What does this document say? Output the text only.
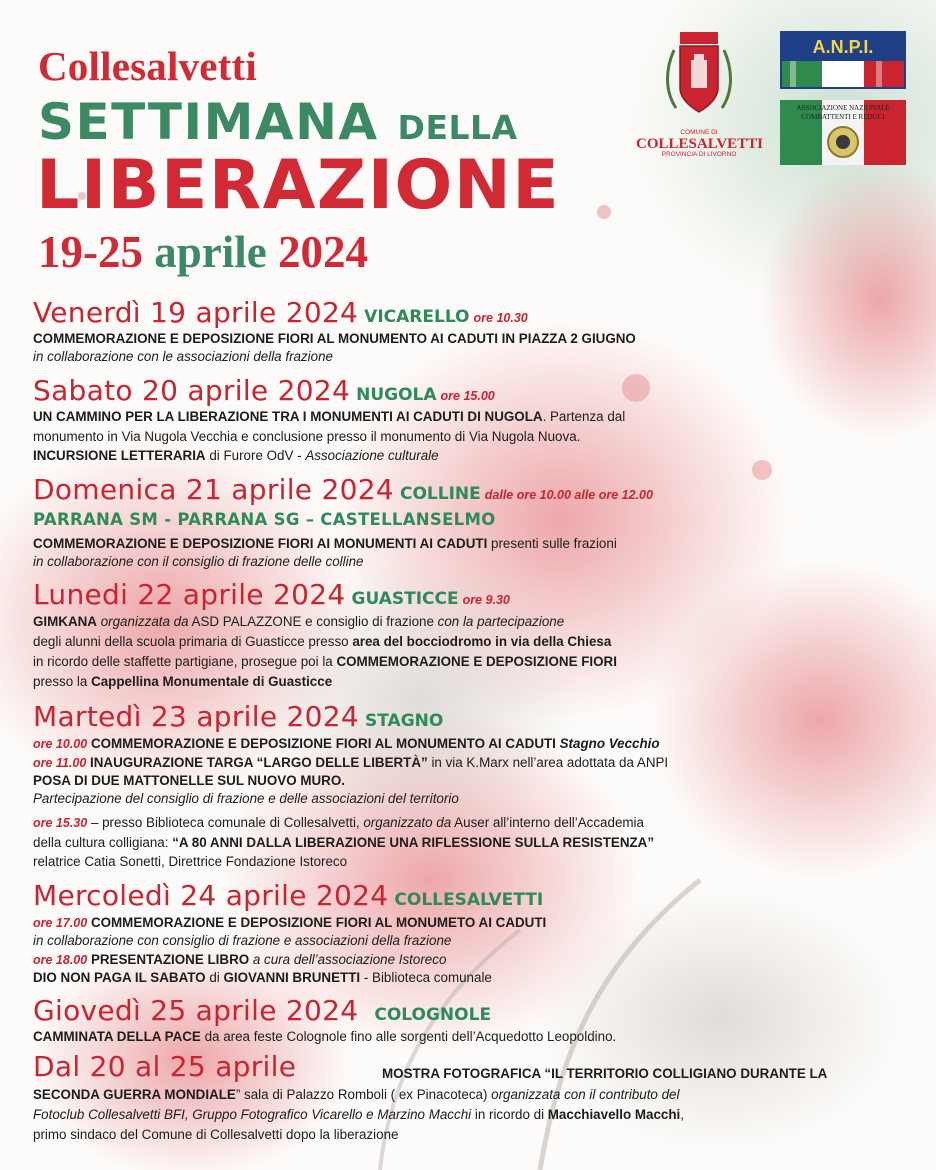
Collesalvetti
SETTIMANA DELLA
LIBERAZIONE
19-25 aprile 2024
COMUNE DI
COLLESALVETTI
PROVINCIA DI LIVORNO
A.N.P.I.
ASSOCIAZIONE NAZIONALE
COMBATTENTI E REDUCI
Venerdì 19 aprile 2024 VICARELLO ore 10.30
COMMEMORAZIONE E DEPOSIZIONE FIORI AL MONUMENTO AI CADUTI IN PIAZZA 2 GIUGNO
in collaborazione con le associazioni della frazione
Sabato 20 aprile 2024 NUGOLA ore 15.00
UN CAMMINO PER LA LIBERAZIONE TRA I MONUMENTI AI CADUTI DI NUGOLA. Partenza dal
monumento in Via Nugola Vecchia e conclusione presso il monumento di Via Nugola Nuova.
INCURSIONE LETTERARIA di Furore OdV - Associazione culturale
Domenica 21 aprile 2024 COLLINE dalle ore 10.00 alle ore 12.00
PARRANA SM - PARRANA SG – CASTELLANSELMO
COMMEMORAZIONE E DEPOSIZIONE FIORI AI MONUMENTI AI CADUTI presenti sulle frazioni
in collaborazione con il consiglio di frazione delle colline
Lunedi 22 aprile 2024 GUASTICCE ore 9.30
GIMKANA organizzata da ASD PALAZZONE e consiglio di frazione con la partecipazione
degli alunni della scuola primaria di Guasticce presso area del bocciodromo in via della Chiesa
in ricordo delle staffette partigiane, prosegue poi la COMMEMORAZIONE E DEPOSIZIONE FIORI
presso la Cappellina Monumentale di Guasticce
Martedì 23 aprile 2024 STAGNO
ore 10.00 COMMEMORAZIONE E DEPOSIZIONE FIORI AL MONUMENTO AI CADUTI Stagno Vecchio
ore 11.00 INAUGURAZIONE TARGA “LARGO DELLE LIBERTÀ” in via K.Marx nell’area adottata da ANPI
POSA DI DUE MATTONELLE SUL NUOVO MURO.
Partecipazione del consiglio di frazione e delle associazioni del territorio
ore 15.30 – presso Biblioteca comunale di Collesalvetti, organizzato da Auser all’interno dell’Accademia
della cultura colligiana: “A 80 ANNI DALLA LIBERAZIONE UNA RIFLESSIONE SULLA RESISTENZA”
relatrice Catia Sonetti, Direttrice Fondazione Istoreco
Mercoledì 24 aprile 2024 COLLESALVETTI
ore 17.00 COMMEMORAZIONE E DEPOSIZIONE FIORI AL MONUMETO AI CADUTI
in collaborazione con consiglio di frazione e associazioni della frazione
ore 18.00 PRESENTAZIONE LIBRO a cura dell’associazione Istoreco
DIO NON PAGA IL SABATO di GIOVANNI BRUNETTI - Biblioteca comunale
Giovedì 25 aprile 2024 COLOGNOLE
CAMMINATA DELLA PACE da area feste Colognole fino alle sorgenti dell’Acquedotto Leopoldino.
Dal 20 al 25 aprile	MOSTRA FOTOGRAFICA “IL TERRITORIO COLLIGIANO DURANTE LA
SECONDA GUERRA MONDIALE” sala di Palazzo Romboli ( ex Pinacoteca) organizzata con il contributo del
Fotoclub Collesalvetti BFI, Gruppo Fotografico Vicarello e Marzino Macchi in ricordo di Macchiavello Macchi,
primo sindaco del Comune di Collesalvetti dopo la liberazione
